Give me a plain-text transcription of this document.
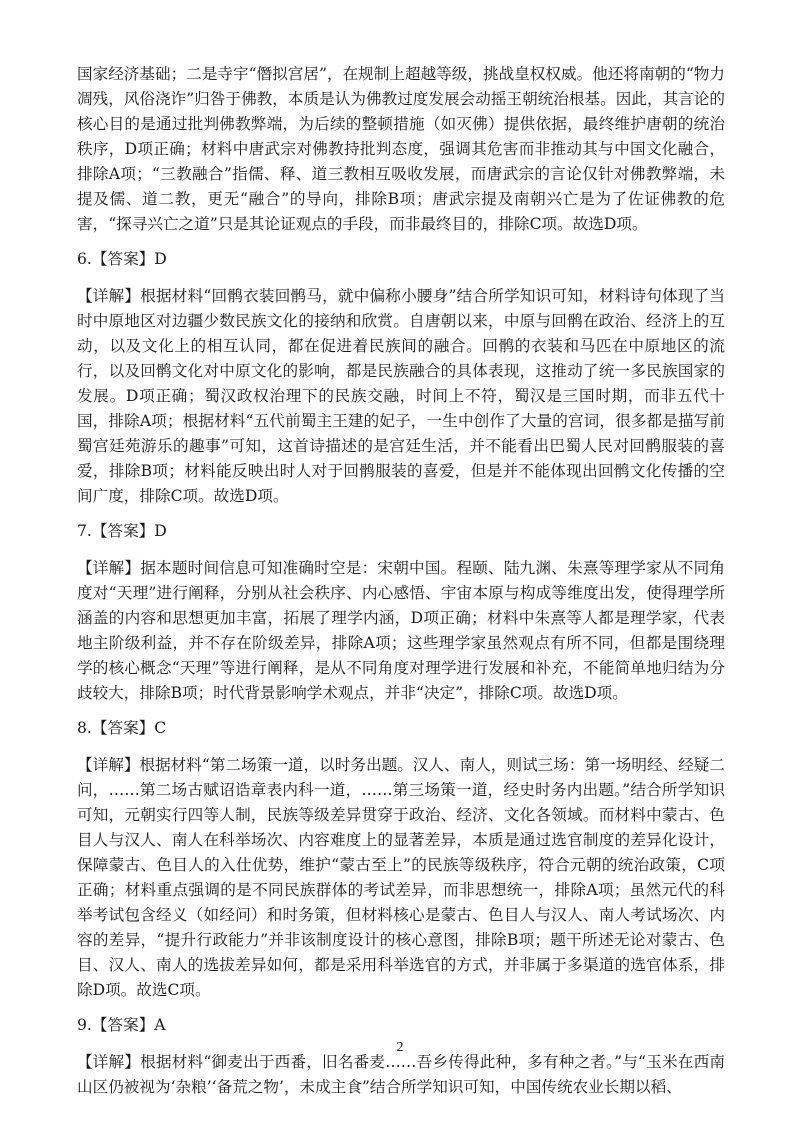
国家经济基础；二是寺宇“僭拟宫居”，在规制上超越等级，挑战皇权权威。他还将南朝的“物力凋残，风俗浇诈”归咎于佛教，本质是认为佛教过度发展会动摇王朝统治根基。因此，其言论的核心目的是通过批判佛教弊端，为后续的整顿措施（如灭佛）提供依据，最终维护唐朝的统治秩序，D项正确；材料中唐武宗对佛教持批判态度，强调其危害而非推动其与中国文化融合，排除A项；“三教融合”指儒、释、道三教相互吸收发展，而唐武宗的言论仅针对佛教弊端，未提及儒、道二教，更无“融合”的导向，排除B项；唐武宗提及南朝兴亡是为了佐证佛教的危害，“探寻兴亡之道”只是其论证观点的手段，而非最终目的，排除C项。故选D项。

6.【答案】D

【详解】根据材料“回鹘衣装回鹘马，就中偏称小腰身”结合所学知识可知，材料诗句体现了当时中原地区对边疆少数民族文化的接纳和欣赏。自唐朝以来，中原与回鹘在政治、经济上的互动，以及文化上的相互认同，都在促进着民族间的融合。回鹘的衣装和马匹在中原地区的流行，以及回鹘文化对中原文化的影响，都是民族融合的具体表现，这推动了统一多民族国家的发展。D项正确；蜀汉政权治理下的民族交融，时间上不符，蜀汉是三国时期，而非五代十国，排除A项；根据材料“五代前蜀主王建的妃子，一生中创作了大量的宫词，很多都是描写前蜀宫廷苑游乐的趣事”可知，这首诗描述的是宫廷生活，并不能看出巴蜀人民对回鹘服装的喜爱，排除B项；材料能反映出时人对于回鹘服装的喜爱，但是并不能体现出回鹘文化传播的空间广度，排除C项。故选D项。

7.【答案】D

【详解】据本题时间信息可知准确时空是：宋朝中国。程颐、陆九渊、朱熹等理学家从不同角度对“天理”进行阐释，分别从社会秩序、内心感悟、宇宙本原与构成等维度出发，使得理学所涵盖的内容和思想更加丰富，拓展了理学内涵，D项正确；材料中朱熹等人都是理学家，代表地主阶级利益，并不存在阶级差异，排除A项；这些理学家虽然观点有所不同，但都是围绕理学的核心概念“天理”等进行阐释，是从不同角度对理学进行发展和补充，不能简单地归结为分歧较大，排除B项；时代背景影响学术观点，并非“决定”，排除C项。故选D项。

8.【答案】C

【详解】根据材料“第二场策一道，以时务出题。汉人、南人，则试三场：第一场明经、经疑二问，……第二场古赋诏诰章表内科一道，……第三场策一道，经史时务内出题。”结合所学知识可知，元朝实行四等人制，民族等级差异贯穿于政治、经济、文化各领域。而材料中蒙古、色目人与汉人、南人在科举场次、内容难度上的显著差异，本质是通过选官制度的差异化设计，保障蒙古、色目人的入仕优势，维护“蒙古至上”的民族等级秩序，符合元朝的统治政策，C项正确；材料重点强调的是不同民族群体的考试差异，而非思想统一，排除A项；虽然元代的科举考试包含经义（如经问）和时务策，但材料核心是蒙古、色目人与汉人、南人考试场次、内容的差异，“提升行政能力”并非该制度设计的核心意图，排除B项；题干所述无论对蒙古、色目、汉人、南人的选拔差异如何，都是采用科举选官的方式，并非属于多渠道的选官体系，排除D项。故选C项。

9.【答案】A

【详解】根据材料“御麦出于西番，旧名番麦……吾乡传得此种，多有种之者。”与“玉米在西南山区仍被视为‘杂粮’‘备荒之物’，未成主食”结合所学知识可知，中国传统农业长期以稻、

2
